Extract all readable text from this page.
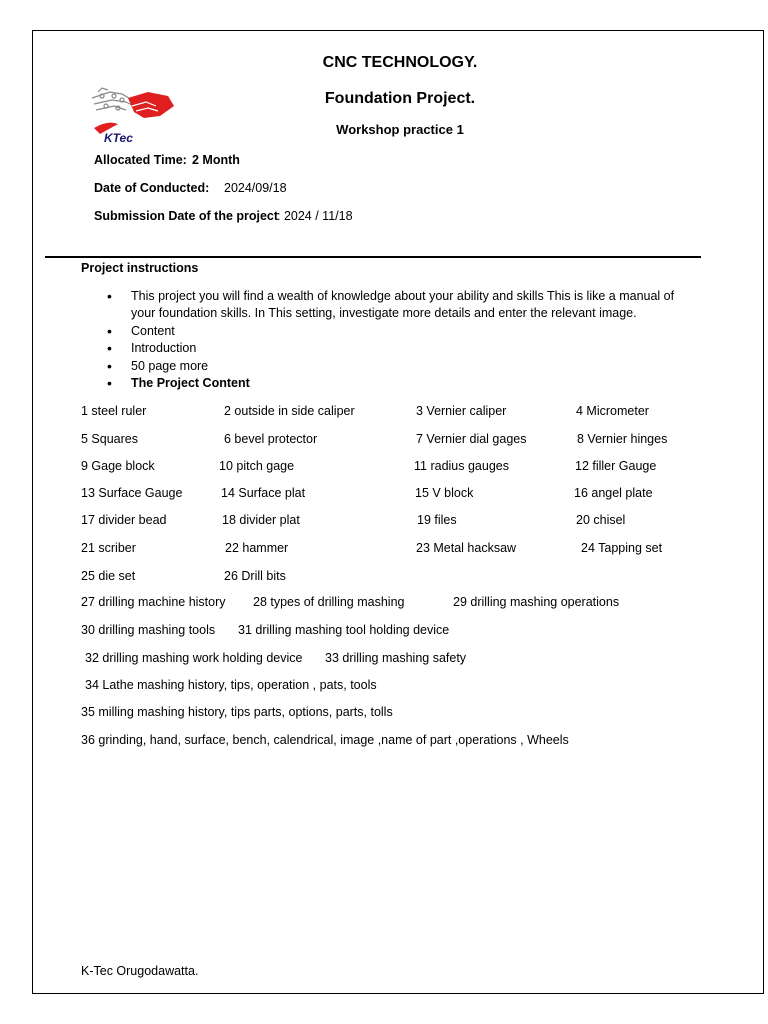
CNC TECHNOLOGY.
Foundation Project.
Workshop practice 1
KTec
Allocated Time: 2 Month
Date of Conducted: 2024/09/18
Submission Date of the project
: 2024 / 11/18
Project instructions
• This project you will find a wealth of knowledge about your ability and skills This is like a manual of
your foundation skills. In This setting, investigate more details and enter the relevant image.
• Content
• Introduction
• 50 page more
• The Project Content
1 steel ruler	2 outside in side caliper	3 Vernier caliper	4 Micrometer
5 Squares	6 bevel protector	7 Vernier dial gages	8 Vernier hinges
9 Gage block	10 pitch gage	11 radius gauges	12 filler Gauge
13 Surface Gauge	14 Surface plat	15 V block	16 angel plate
17 divider bead	18 divider plat	19 files	20 chisel
21 scriber	22 hammer	23 Metal hacksaw	24 Tapping set
25 die set	26 Drill bits
27 drilling machine history 28 types of drilling mashing	29 drilling mashing operations
30 drilling mashing tools 31 drilling mashing tool holding device
32 drilling mashing work holding device 33 drilling mashing safety
34 Lathe mashing history, tips, operation , pats, tools
35 milling mashing history, tips parts, options, parts, tolls
36 grinding, hand, surface, bench, calendrical, image ,name of part ,operations , Wheels
K-Tec Orugodawatta.
